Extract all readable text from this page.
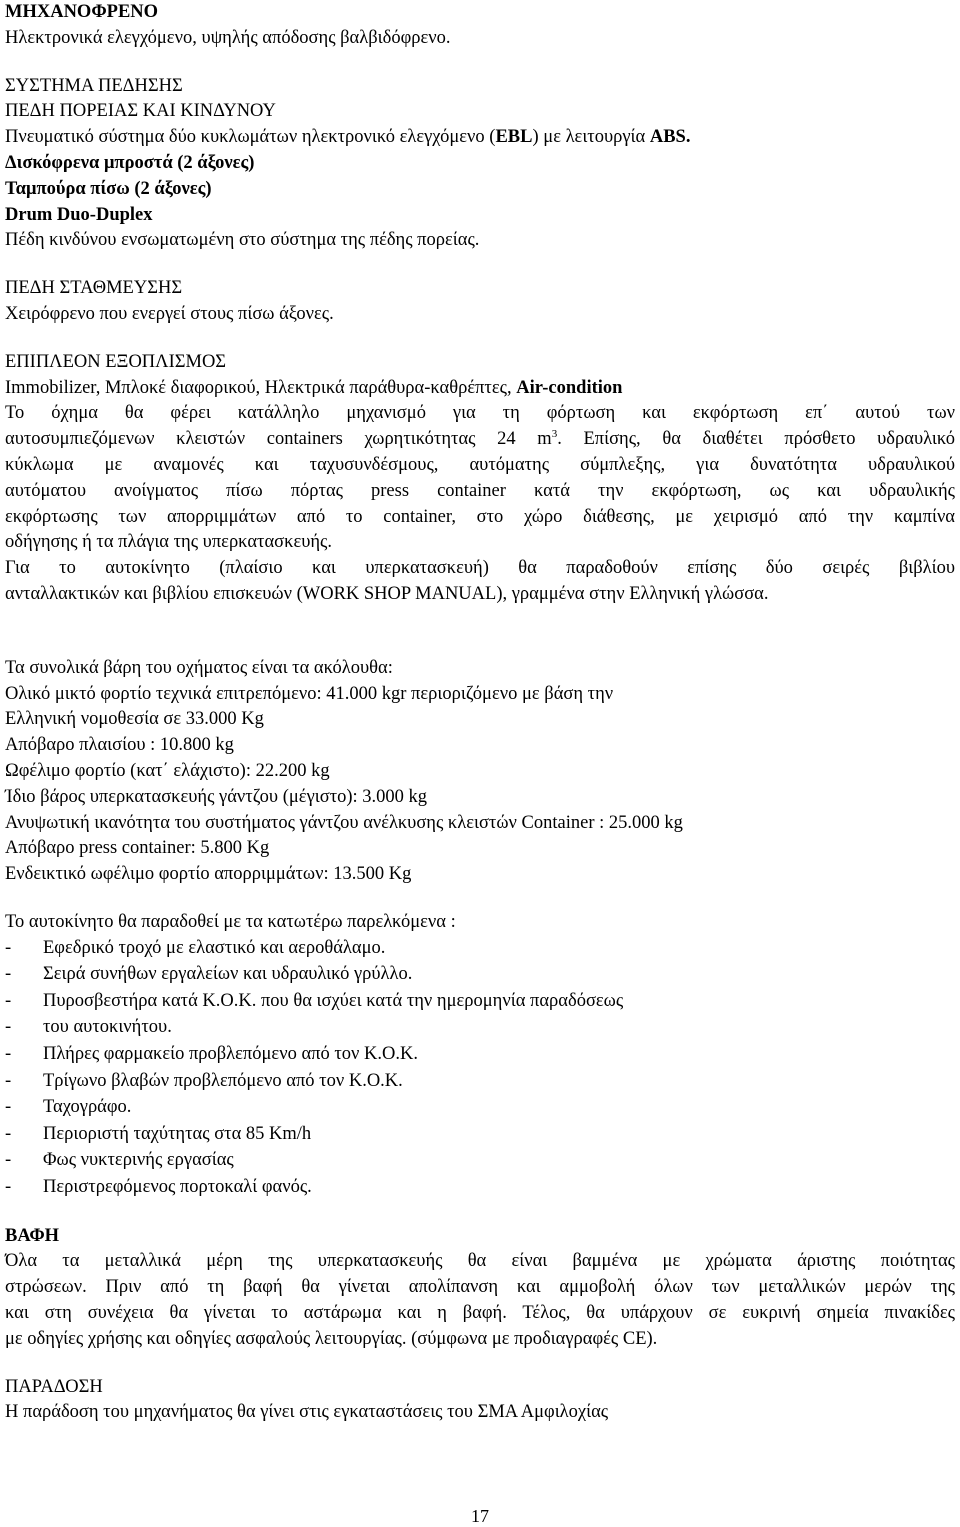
ΜΗΧΑΝΟΦΡΕΝΟ
Ηλεκτρονικά ελεγχόμενο, υψηλής απόδοσης βαλβιδόφρενο.
ΣΥΣΤΗΜΑ ΠΕΔΗΣΗΣ
ΠΕΔΗ ΠΟΡΕΙΑΣ ΚΑΙ ΚΙΝΔΥΝΟΥ
Πνευματικό σύστημα δύο κυκλωμάτων ηλεκτρονικό ελεγχόμενο (EBL) με λειτουργία ABS.
Δισκόφρενα μπροστά (2 άξονες)
Ταμπούρα πίσω (2 άξονες)
Drum Duo-Duplex
Πέδη κινδύνου ενσωματωμένη στο σύστημα της πέδης πορείας.
ΠΕΔΗ ΣΤΑΘΜΕΥΣΗΣ
Χειρόφρενο που ενεργεί στους πίσω άξονες.
ΕΠΙΠΛΕΟΝ ΕΞΟΠΛΙΣΜΟΣ
Immobilizer, Μπλοκέ διαφορικού, Ηλεκτρικά παράθυρα-καθρέπτες, Air-condition
Το όχημα θα φέρει κατάλληλο μηχανισμό για τη φόρτωση και εκφόρτωση επ΄ αυτού των
αυτοσυμπιεζόμενων κλειστών containers χωρητικότητας 24 $m^3$. Επίσης, θα διαθέτει πρόσθετο υδραυλικό
κύκλωμα με αναμονές και ταχυσυνδέσμους, αυτόματης σύμπλεξης, για δυνατότητα υδραυλικού
αυτόματου ανοίγματος πίσω πόρτας press container κατά την εκφόρτωση, ως και υδραυλικής
εκφόρτωσης των απορριμμάτων από το container, στο χώρο διάθεσης, με χειρισμό από την καμπίνα
οδήγησης ή τα πλάγια της υπερκατασκευής.
Για το αυτοκίνητο (πλαίσιο και υπερκατασκευή) θα παραδοθούν επίσης δύο σειρές βιβλίου
ανταλλακτικών και βιβλίου επισκευών (WORK SHOP MANUAL), γραμμένα στην Ελληνική γλώσσα.
Τα συνολικά βάρη του οχήματος είναι τα ακόλουθα:
Ολικό μικτό φορτίο τεχνικά επιτρεπόμενο: 41.000 kgr περιοριζόμενο με βάση την
Ελληνική νομοθεσία σε 33.000 Kg
Απόβαρο πλαισίου : 10.800 kg
Ωφέλιμο φορτίο (κατ΄ ελάχιστο): 22.200 kg
Ίδιο βάρος υπερκατασκευής γάντζου (μέγιστο): 3.000 kg
Ανυψωτική ικανότητα του συστήματος γάντζου ανέλκυσης κλειστών Container : 25.000 kg
Απόβαρο press container: 5.800 Kg
Ενδεικτικό ωφέλιμο φορτίο απορριμμάτων: 13.500 Kg
Το αυτοκίνητο θα παραδοθεί με τα κατωτέρω παρελκόμενα :
- Εφεδρικό τροχό με ελαστικό και αεροθάλαμο.
- Σειρά συνήθων εργαλείων και υδραυλικό γρύλλο.
- Πυροσβεστήρα κατά Κ.Ο.Κ. που θα ισχύει κατά την ημερομηνία παραδόσεως
- του αυτοκινήτου.
- Πλήρες φαρμακείο προβλεπόμενο από τον Κ.Ο.Κ.
- Τρίγωνο βλαβών προβλεπόμενο από τον Κ.Ο.Κ.
- Ταχογράφο.
- Περιοριστή ταχύτητας στα 85 Km/h
- Φως νυκτερινής εργασίας
- Περιστρεφόμενος πορτοκαλί φανός.
ΒΑΦΗ
Όλα τα μεταλλικά μέρη της υπερκατασκευής θα είναι βαμμένα με χρώματα άριστης ποιότητας
στρώσεων. Πριν από τη βαφή θα γίνεται απολίπανση και αμμοβολή όλων των μεταλλικών μερών της
και στη συνέχεια θα γίνεται το αστάρωμα και η βαφή. Τέλος, θα υπάρχουν σε ευκρινή σημεία πινακίδες
με οδηγίες χρήσης και οδηγίες ασφαλούς λειτουργίας. (σύμφωνα με προδιαγραφές CE).
ΠΑΡΑΔΟΣΗ
Η παράδοση του μηχανήματος θα γίνει στις εγκαταστάσεις του ΣΜΑ Αμφιλοχίας
17
